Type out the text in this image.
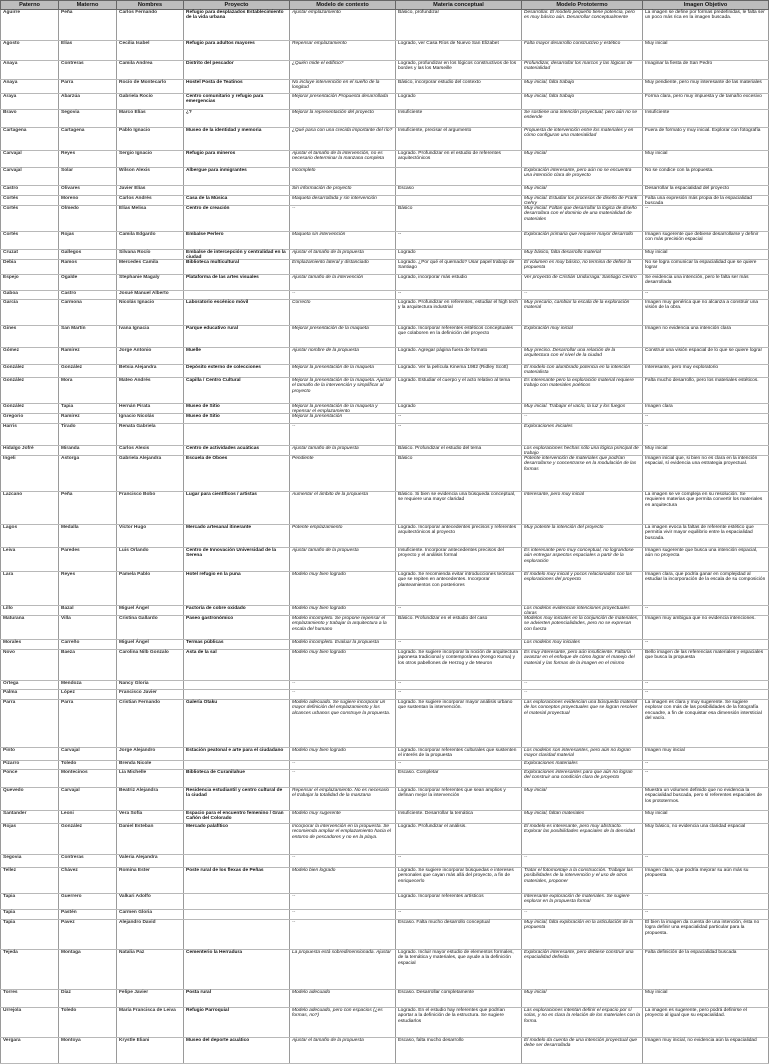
Paterno	Materno	Nombres	Proyecto	Modelo de contexto	Materia conceptual	Modelo Prototermo	Imagen Objetivo

Aguirre	Peña	Carlos Fernando	Refugio para desplazados Establecimiento de la vida urbana	Ajustar emplazamiento	Básico, profundizar	Desarrollar. El modelo pequeño tiene potencia, pero es muy básico aún. Desarrollar conceptualmente	La imagen se define por formas predefinidas, le falta ser un poco más rica en la imagen buscada.

Agosto	Elías	Cecilia Isabel	Refugio para adultos mayores	Repensar emplazamiento	Logrado, ver Casa Ríos de Nuevo San Elizabet	Falta mayor desarrollo constructivo y estético	Muy inicial

Anaya	Contreras	Camila Andrea	Distrito del pescador	¿Quién mide el edificio?	Logrado, profundizar en los lógicos constructivos de los bordes y las los Marseille	Profundizar, desarrollar los marcos y las lógicas de materialidad	Imaginar la fiesta de San Pedro

Anaya	Parra	Rocío de Montecarlo	Hostel Posta de Teatinos	No incluye intervención en el sueño de la longitud	Básico, incorporar estudio del contexto	Muy inicial, falta trabajo	Muy pendiente, pero muy interesante de las materiales

Araya	Abarzúa	Gabriela Rocío	Centro comunitario y refugio para emergencias	Mejorar presentación Propuesta desarrollada	Logrado	Muy inicial, falta trabajo	Forma clara, pero muy impuesta y de tamaño excesivo

Bravo	Segovia	Marco Elías	¿?	Mejorar la representación del proyecto	Insuficiente	Se sostiene una intención proyectual, pero aún no se entiende	Insuficiente

Cartagena	Cartagena	Pablo Ignacio	Museo de la identidad y memoria	¿Qué pasa con una crecida importante del río?	Insuficiente, precisar el argumento	Propuesta de intervención entre los materiales y en cómo configuran una materialidad	Fuera de formato y muy inicial. Explorar con fotografía

Carvajal	Reyes	Sergio Ignacio	Refugio para mineros	Ajustar el tamaño de la intervención, no es necesario determinar la manzana completa	Logrado. Profundizar en el estudio de referentes arquitectónicos	Muy inicial	Muy inicial

Carvajal	Solar	Wilson Alexis	Albergue para inmigrantes	Incompleto		Exploración interesante, pero aún no se encuentra una intención clara de proyecto	No se condice con la propuesta.

Castro	Olivares	Javier Elías		Sin información de proyecto	Escaso	Muy inicial	Desarrollar la espacialidad del proyecto

Cortés	Moreno	Carlos Andrés	Casa de la Música	Maqueta desarrollada y sin intervención		Muy inicial. Estudiar los procesos de diseño de Frank Gehry	Falta una expresión más propia de la espacialidad buscada

Cortés	Olmedo	Elías Melisa	Centro de creación	--	Básico	Muy inicial. Faltan que desarrollar la lógica de diseño desarrollara con el dominio de una materialidad de materiales	--

Cortés	Rojas	Camila Edgardo	Embalse Perlero	Maqueta sin intervención	--	Exploración primaria que requiere mayor desarrollo	Imagen sugerente que debiese desarrollarse y definir con más precisión espacial

Cruzat	Gallegos	Silvana Rocío	Embalse de intercepción y centralidad en la ciudad	Ajustar el tamaño de la propuesta	Logrado	Muy básico, falta desarrollo material	Muy inicial

Debia	Ramos	Mercedes Camila	Biblioteca multicultural	Emplazamiento lateral y distanciado	Logrado. ¿Por qué el quemado? Usar papel trabajo de Santiago	El volumen es muy básico, no termina de definir la propuesta	No se logra comunicar la espacialidad que se quiere lograr

Espejo	Ogalde	Stephanie Magaly	Plataforma de las artes visuales	Ajustar tamaño de la intervención	Logrado, incorporar más estudio	Ver proyecto de Cristián Undurraga: Santiago Centro	Se evidencia una intención, pero le falta ser más desarrollada

Gaboa	Castro	Josué Manuel Alberto		--	--	--	--

García	Carmona	Nicolás Ignacio	Laboratorio escénico móvil	Correcto	Logrado. Profundizar en referentes, estudiar el high tech y la arquitectura industrial	Muy precario, cambiar la escala de la exploración material	Imagen muy genérica que no alcanza a construir una visión de la obra.

Gines	San Martín	Ivana Ignacia	Parque educativo rural	Mejorar presentación de la maqueta	Logrado. Incorporar referentes estéticos conceptuales que colaboren en la definición del proyecto	Exploración muy inicial	Imagen no evidencia una intención clara

Gómez	Ramírez	Jorge Antonio	Muelle	Ajustar nombre de la propuesta	Logrado. Agregar página fuera de formato	Muy preciso. Desarrollar una relación de la arquitectura con el nivel de la ciudad	Construir una visión espacial de lo que se quiere lograr

González	González	Betsia Alejandra	Depósito externo de colecciones	Mejorar la presentación de la maqueta	Logrado. Ver la película Kinema 1982 (Ridley Scott)	El modelo con alumbrado potencia en la intención materialista	Interesante, pero muy exploratorio

González	Mora	Mateo Andrés	Capilla / Centro Cultural	Mejorar la presentación de la maqueta. Ajustar el tamaño de la intervención y simplificar al proyecto	Logrado. Estudiar el cuerpo y el acto relativo al tema	Es interesante pero la exploración material requiere trabajo con materiales poéticos	Falta mucho desarrollo, pero los materiales estéticos.

González	Tapia	Hernán Pirata	Museo de Sitio	Mejorar la presentación de la maqueta y repensar el emplazamiento	Logrado	Muy inicial. Trabajar el vacío, la luz y los fuegos	Imagen clara

Gregorio	Ramírez	Ignacio Nicolás	Museo de Sitio	Mejorar la presentación	--	--	--

Harris	Tirado	Renata Gabriela		--	--	Exploraciones iniciales	--

Hidalgo Jofré	Miranda	Carlos Alexis	Centro de actividades acuáticas	Ajustar tamaño de la propuesta	Básico. Profundizar el estudio del tema	Los exploraciones hechas sólo una lógica principal de trabajo	Muy inicial

Ingeli	Astorga	Gabriela Alejandra	Escuela de Oboes	Pendiente	Básico	Potente intervención de materiales que podrían desarrollarse y concentrarse en la modulación de las formas	Imagen inicial que, si bien no es clara en la intención espacial, sí evidencia una estrategia proyectual.

Lazcano	Peña	Francisco Bobo	Lugar para científicos / artistas	Aumentar el ámbito de la propuesta	Básico. Si bien se evidencia una búsqueda conceptual, se requiere una mayor claridad	Interesante, pero muy inicial	La imagen se ve compleja en su resolución. Se requieren materias que permita convertir los materiales en arquitectura

Lagos	Medalla	Víctor Hugo	Mercado artesanal itinerante	Potente emplazamiento	Logrado. Incorporar antecedentes precisos y referentes arquitectónicos al proyecto	Muy potente la intención del proyecto	La imagen evoca la faltas de referente estético que permitía vivir mayor equilibrio entre la espacialidad buscada.

Leiva	Paredes	Luis Orlando	Centro de Innovación Universidad de la Serena	Ajustar tamaño de la propuesta	Insuficiente. Incorporar antecedentes precisos del proyecto y el análisis formal	Es interesante pero muy conceptual, no lograndose aún entregar aspectos espaciales a partir de la exploración	Imagen sugerente que busca una intención espacial, aún no proyecta

Lara	Reyes	Pamela Pablo	Hotel refugio en la puna	Modelo muy bien logrado	Logrado. Se recomienda evitar introducciones teóricas que se repiten en antecedentes. Incorporar planteamientos con posteriores	El modelo muy inicial y pocos relacionados con las exploraciones del proyecto	Imagen clara, que podría ganar en complejidad al estudiar la incorporación de la escala de su composición

Lillo	Bazal	Miguel Ángel	Factoría de cobre oxidado	Modelo muy bien logrado	--	Los modelos evidencian intenciones proyectuales claras	--

Maturana	Villa	Cristina Gallardo	Paseo gastronómico	Modelo incompleto. Se propone repensar el emplazamiento y trabajar la arquitectura a la escala del humano	Básico. Profundizar en el estudio del caso	Modelos muy iniciales en la conjunción de materiales, se advierten potencialidades, pero no se expresan con fuerza	Imagen muy ambigua que no evidencia intenciones.

Morales	Carreño	Miguel Ángel	Termas públicas	Modelo incompleto. Evaluar la propuesta	--	Los modelos muy iniciales	--

Novo	Baeza	Carolina Nilb Gonzalo	Asta de la sal	Modelo muy bien logrado	Logrado. Se sugiere incorporar la noción de arquitectura japonesa tradicional y contemporánea (Kengo Kuma) y los otros pabellones de Herzog y de Meuron	Es muy interesante, pero aún insuficiente. Faltaría avanzar en el enfoque de cómo lograr el manejo del material y las formas de la imagen en el mismo	Bello imagen de las referencias materiales y espaciales que busca la propuesta

Ortega	Mendoza	Nancy Gloria		--	--	--	--

Palma	López	Francisco Javier		--	--	--	--

Parra	Parra	Cristian Fernando	Galería Otaku	Modelo adecuado. Se sugiere incorporar un mayor definición del emplazamiento y los alcances urbanos que construye la propuesta.	Logrado. Se sugiere incorporar mayor análisis urbano que sustentan la intervención.	Las exploraciones evidencian una búsqueda material de los conceptos proyectuales que se logran resolver el material proyectual	La imagen es clara y muy sugerente. Se sugiere explorar con más de las posibilidades de la fotografía encuadre, a fin de conquistar esa dimensión intersticial del vacío.

Pinto	Carvajal	Jorge Alejandro	Estación peatonal e arte para el ciudadano	Modelo muy bien logrado	Logrado. Incorporar referentes culturales que sustenten el interés de la propuesta	Los modelos son interesantes, pero aún no logran mayor claridad material	Imagen muy inicial

Pizarro	Toledo	Brenda Nicole		--	--	Exploraciones materiales	--

Ponce	Montecinos	Lía Michelle	Biblioteca de Curanilahue	--	Escaso. Completar	Exploraciones interesantes para que aún no logran del construir una condición clara de proyecto	--

Quevedo	Carvajal	Beatriz Alejandra	Residencia estudiantil y centro cultural de la ciudad	Repensar el emplazamiento. No es necesario el trabajar la totalidad de la manzana	Logrado. Incorporar referentes que sean amplios y definan mejor la intervención	Muy inicial	Muestra un volumen definido que no evidencia la espacialidad buscada, pero sí referentes espaciales de los prototermos.

Santander	Leoni	Vera Sofía	Espacio para el encuentro femenino / Gran Cañón del Colorado	Modelo muy sugerente	Insuficiente. Desarrollar la temática	Muy inicial, faltan materiales	Muy inicial

Rojas	González	Daniel Esteban	Mercado palafítico	Incorporar la intervención en la propuesta. Se recomienda ampliar el emplazamiento hacia el entorno de pescadores y no en la playa.	Logrado. Profundizar el análisis.	El modelo es interesante, pero muy abstracto. Explorar las posibilidades espaciales de la densidad	Muy básico, no evidencia una claridad espacial

Segovia	Contreras	Valeria Alejandra		--	--	--	--

Tellez	Chávez	Romina Ester	Poste rural de los flexas de Peñas	Modelo bien logrado	Logrado. Se sugiere incorporar búsquedas e intereses personales que cayan más allá del proyecto, a fin de enriquecerlo	Tratar el fotomontaje a la construcción. Trabajar las posibilidades de la intervención y el uso de otros materiales, proponer	Imagen clara, que podría mejorar su aún más su propuesta

Tapia	Guerrero	Valkari Adolfo		--	Logrado. Incorporar referentes artísticos	Interesante exploración de materiales. Se sugiere explorar en la propuesta formal	--

Tapia	Pastén	Carmen Gloria		--	--	--	--

Tapia	Pavez	Alejandro David		--	Escaso. Falta mucho desarrollo conceptual	Muy inicial, falta exploración en la articulación de la propuesta	El bien la imagen da cuenta de una intención, ésta no logra definir una espacialidad particular para la propuesta.

Tejeda	Montaga	Natalia Paz	Cementerio la Herradura	La propuesta está sobredimensionada. Ajustar	Logrado. Incluir mayor estudio de elementos formales, de la temática y materiales, que ayude a la definición espacial	Exploración interesante, pero debiese construir una espacialidad definida	Falta definición de la espacialidad buscada

Torres	Díaz	Felipe Javier	Posta rural	Modelo adecuado	Escaso. Desarrollar completamente	Muy inicial	Muy inicial

Urrejola	Toledo	María Francisca de Leiva	Refugio Parroquial	Modelo adecuado, pero con espacios (¿es formas, no?)	Logrado. En el estudio hay referentes que podrían aportar a la definición de la estructura. Se sugiere estudiarlos	Las exploraciones intentan definir el espacio por sí solas, y no es clara la relación de los materiales con la forma.	La imagen es sugerente, pero podrá definirse el proyecto al igual que su espacialidad.

Vergara	Montoya	Krystle Eliani	Museo del deporte acuático	Ajustar el tamaño de la propuesta	Escaso, falta mucho desarrollo	El modelo da cuenta de una intención proyectual que debe ser desarrollada	Imagen muy inicial, no evidencia aún la espacialidad
